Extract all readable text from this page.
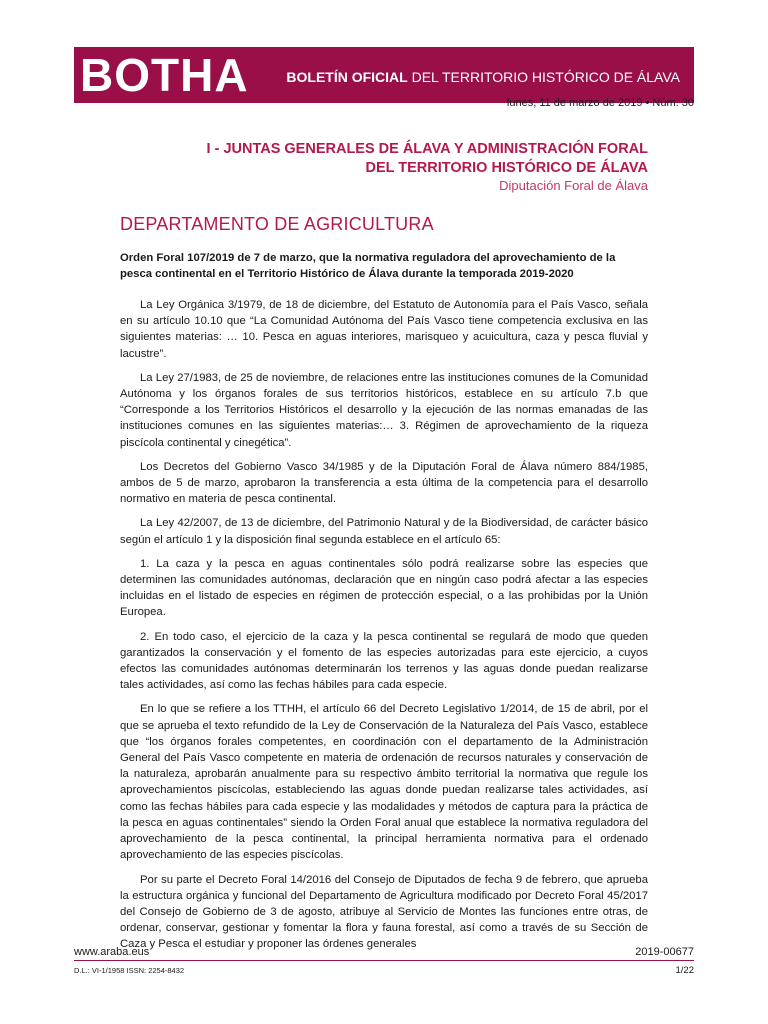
BOTHA	BOLETÍN OFICIAL DEL TERRITORIO HISTÓRICO DE ÁLAVA
lunes, 11 de marzo de 2019 • Núm. 30
I - JUNTAS GENERALES DE ÁLAVA Y ADMINISTRACIÓN FORAL
DEL TERRITORIO HISTÓRICO DE ÁLAVA
Diputación Foral de Álava
DEPARTAMENTO DE AGRICULTURA
Orden Foral 107/2019 de 7 de marzo, que la normativa reguladora del aprovechamiento de la pesca continental en el Territorio Histórico de Álava durante la temporada 2019-2020

La Ley Orgánica 3/1979, de 18 de diciembre, del Estatuto de Autonomía para el País Vasco, señala en su artículo 10.10 que “La Comunidad Autónoma del País Vasco tiene competencia exclusiva en las siguientes materias: … 10. Pesca en aguas interiores, marisqueo y acuicultura, caza y pesca fluvial y lacustre”.

La Ley 27/1983, de 25 de noviembre, de relaciones entre las instituciones comunes de la Comunidad Autónoma y los órganos forales de sus territorios históricos, establece en su artículo 7.b que “Corresponde a los Territorios Históricos el desarrollo y la ejecución de las normas emanadas de las instituciones comunes en las siguientes materias:… 3. Régimen de aprovechamiento de la riqueza piscícola continental y cinegética”.

Los Decretos del Gobierno Vasco 34/1985 y de la Diputación Foral de Álava número 884/1985, ambos de 5 de marzo, aprobaron la transferencia a esta última de la competencia para el desarrollo normativo en materia de pesca continental.

La Ley 42/2007, de 13 de diciembre, del Patrimonio Natural y de la Biodiversidad, de carácter básico según el artículo 1 y la disposición final segunda establece en el artículo 65:

1. La caza y la pesca en aguas continentales sólo podrá realizarse sobre las especies que determinen las comunidades autónomas, declaración que en ningún caso podrá afectar a las especies incluidas en el listado de especies en régimen de protección especial, o a las prohibidas por la Unión Europea.

2. En todo caso, el ejercicio de la caza y la pesca continental se regulará de modo que queden garantizados la conservación y el fomento de las especies autorizadas para este ejercicio, a cuyos efectos las comunidades autónomas determinarán los terrenos y las aguas donde puedan realizarse tales actividades, así como las fechas hábiles para cada especie.

En lo que se refiere a los TTHH, el artículo 66 del Decreto Legislativo 1/2014, de 15 de abril, por el que se aprueba el texto refundido de la Ley de Conservación de la Naturaleza del País Vasco, establece que “los órganos forales competentes, en coordinación con el departamento de la Administración General del País Vasco competente en materia de ordenación de recursos naturales y conservación de la naturaleza, aprobarán anualmente para su respectivo ámbito territorial la normativa que regule los aprovechamientos piscícolas, estableciendo las aguas donde puedan realizarse tales actividades, así como las fechas hábiles para cada especie y las modalidades y métodos de captura para la práctica de la pesca en aguas continentales” siendo la Orden Foral anual que establece la normativa reguladora del aprovechamiento de la pesca continental, la principal herramienta normativa para el ordenado aprovechamiento de las especies piscícolas.

Por su parte el Decreto Foral 14/2016 del Consejo de Diputados de fecha 9 de febrero, que aprueba la estructura orgánica y funcional del Departamento de Agricultura modificado por Decreto Foral 45/2017 del Consejo de Gobierno de 3 de agosto, atribuye al Servicio de Montes las funciones entre otras, de ordenar, conservar, gestionar y fomentar la flora y fauna forestal, así como a través de su Sección de Caza y Pesca el estudiar y proponer las órdenes generales

www.araba.eus	2019-00677
D.L.: VI-1/1958 ISSN: 2254-8432	1/22
